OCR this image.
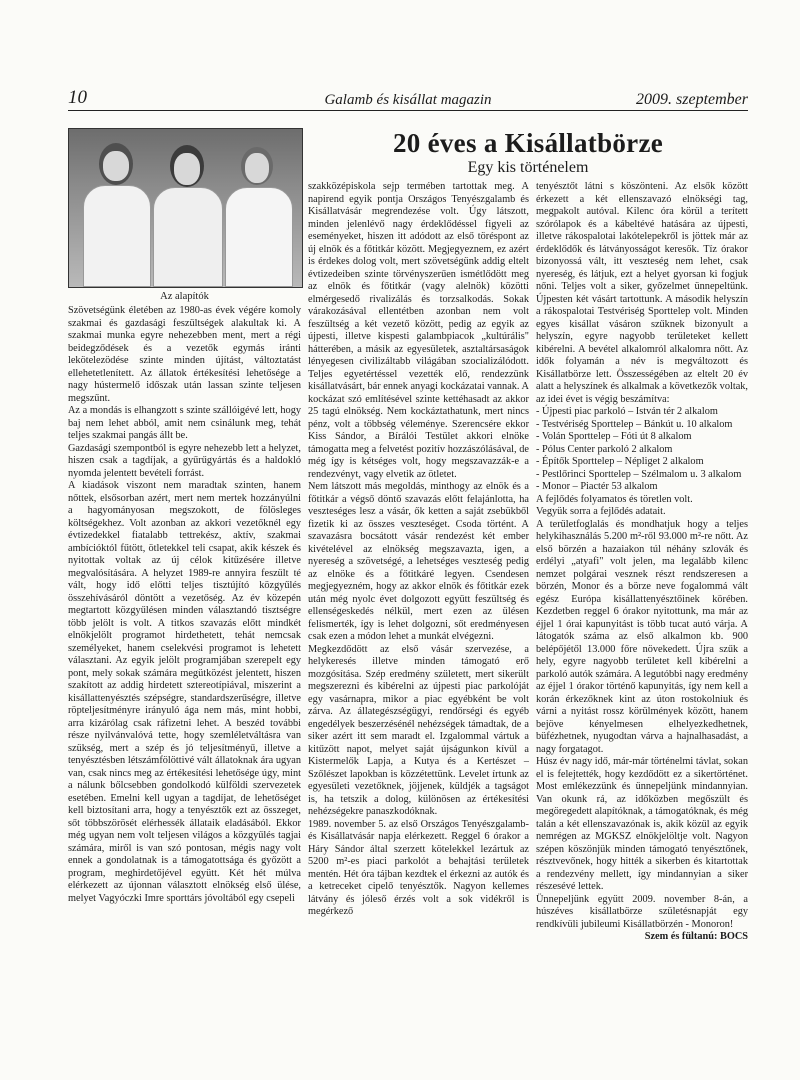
10	Galamb és kisállat magazin	2009. szeptember
Az alapítók
20 éves a Kisállatbörze
Egy kis történelem

Szövetségünk életében az 1980-as évek végére komoly szakmai és gazdasági feszültségek alakultak ki. A szakmai munka egyre nehezebben ment, mert a régi beidegződések és a vezetők egymás iránti lekötelezödése szinte minden újítást, változtatást ellehetetlenített. Az állatok értékesítési lehetősége a nagy hústermelő időszak után lassan szinte teljesen megszűnt.

Az a mondás is elhangzott s szinte szállóigévé lett, hogy baj nem lehet abból, amit nem csinálunk meg, tehát teljes szakmai pangás állt be.

Gazdasági szempontból is egyre nehezebb lett a helyzet, hiszen csak a tagdíjak, a gyűrűgyártás és a haldokló nyomda jelentett bevételi forrást.

A kiadások viszont nem maradtak szinten, hanem nőttek, elsősorban azért, mert nem mertek hozzányúlni a hagyományosan megszokott, de fölösleges költségekhez. Volt azonban az akkori vezetőknél egy évtizedekkel fiatalabb tettrekész, aktív, szakmai ambícióktól fűtött, ötletekkel teli csapat, akik készek és nyitottak voltak az új célok kitűzésére illetve megvalósítására. A helyzet 1989-re annyira feszült té vált, hogy idő előtti teljes tisztújító közgyűlés összehívásáról döntött a vezetőség. Az év közepén megtartott közgyűlésen minden választandó tisztségre több jelölt is volt. A titkos szavazás előtt mindkét elnökjelölt programot hirdethetett, tehát nemcsak személyeket, hanem cselekvési programot is lehetett választani. Az egyik jelölt programjában szerepelt egy pont, mely sokak számára megütközést jelentett, hiszen szakított az addig hirdetett sztereotípiával, miszerint a kisállattenyésztés szépségre, standardszerűségre, illetve röpteljesítményre irányuló ága nem más, mint hobbi, arra kizárólag csak ráfizetni lehet. A beszéd további része nyilvánvalóvá tette, hogy szemléletváltásra van szükség, mert a szép és jó teljesítményű, illetve a tenyésztésben létszámfölöttivé vált állatoknak ára ugyan van, csak nincs meg az értékesítési lehetősége úgy, mint a nálunk bőlcsebben gondolkodó külföldi szervezetek esetében. Emelni kell ugyan a tagdíjat, de lehetőséget kell biztosítani arra, hogy a tenyésztők ezt az összeget, sőt többszörösét elérhessék állataik eladásából. Ekkor még ugyan nem volt teljesen világos a közgyűlés tagjai számára, miről is van szó pontosan, mégis nagy volt ennek a gondolatnak is a támogatottsága és győzött a program, meghirdetőjével együtt. Két hét múlva elérkezett az újonnan választott elnökség első ülése, melyet Vagyóczki Imre sporttárs jóvoltából egy csepeli

szakközépiskola sejp termében tartottak meg. A napirend egyik pontja Országos Tenyészgalamb és Kisállatvásár megrendezése volt. Úgy látszott, minden jelenlévő nagy érdeklődéssel figyeli az eseményeket, hiszen itt adódott az első töréspont az új elnök és a főtitkár között. Megjegyeznem, ez azért is érdekes dolog volt, mert szövetségünk addig eltelt évtizedeiben szinte törvényszerűen ismétlődött meg az elnök és főtitkár (vagy alelnök) közötti elmérgesedő rivalizálás és torzsalkodás. Sokak várakozásával ellentétben azonban nem volt feszültség a két vezető között, pedig az egyik az újpesti, illetve kispesti galambpiacok „kultúrális" hátterében, a másik az egyesületek, asztaltársaságok lényegesen civilizáltabb világában szocializálódott. Teljes egyetértéssel vezették elő, rendezzünk kisállatvásárt, bár ennek anyagi kockázatai vannak. A kockázat szó említésével szinte kettéhasadt az akkor 25 tagú elnökség. Nem kockáztathatunk, mert nincs pénz, volt a többség véleménye. Szerencsére ekkor Kiss Sándor, a Bírálói Testület akkori elnöke támogatta meg a felvetést pozitív hozzászólásával, de még így is kétséges volt, hogy megszavazzák-e a rendezvényt, vagy elvetik az ötletet.

Nem látszott más megoldás, minthogy az elnök és a főtitkár a végső döntő szavazás előtt felajánlotta, ha veszteséges lesz a vásár, ők ketten a saját zsebükből fizetik ki az összes veszteséget. Csoda történt. A szavazásra bocsátott vásár rendezést két ember kivételével az elnökség megszavazta, igen, a nyereség a szövetségé, a lehetséges veszteség pedig az elnöke és a főtitkáré legyen. Csendesen megjegyezném, hogy az akkor elnök és főtitkár ezek után még nyolc évet dolgozott együtt feszültség és ellenségeskedés nélkül, mert ezen az ülésen felismerték, így is lehet dolgozni, sőt eredményesen csak ezen a módon lehet a munkát elvégezni.

Megkezdődött az első vásár szervezése, a helykeresés illetve minden támogató erő mozgósítása. Szép eredmény született, mert sikerült megszerezni és kibérelni az újpesti piac parkolóját egy vasárnapra, mikor a piac egyébként be volt zárva. Az állategészségügyi, rendőrségi és egyéb engedélyek beszerzésénél nehézségek támadtak, de a siker azért itt sem maradt el. Izgalommal vártuk a kitűzött napot, melyet saját újságunkon kívül a Kistermelők Lapja, a Kutya és a Kertészet – Szőlészet lapokban is közzétettünk. Levelet írtunk az egyesületi vezetőknek, jöjjenek, küldjék a tagságot is, ha tetszik a dolog, különösen az értékesítési nehézségekre panaszkodóknak.

1989. november 5. az első Országos Tenyészgalamb- és Kisállatvásár napja elérkezett. Reggel 6 órakor a Háry Sándor által szerzett kötelekkel lezártuk az 5200 m²-es piaci parkolót a behajtási területek mentén. Hét óra tájban kezdtek el érkezni az autók és a ketreceket cipelő tenyésztők. Nagyon kellemes látvány és jóleső érzés volt a sok vidékről is megérkező

tenyésztőt látni s köszönteni. Az elsők között érkezett a két ellenszavazó elnökségi tag, megpakolt autóval. Kilenc óra körül a terített szórólapok és a kábeltévé hatására az újpesti, illetve rákospalotai lakótelepekről is jöttek már az érdeklődők és látványosságot keresők. Tíz órakor bizonyossá vált, itt veszteség nem lehet, csak nyereség, és látjuk, ezt a helyet gyorsan ki fogjuk nőni. Teljes volt a siker, győzelmet ünnepeltünk. Újpesten két vásárt tartottunk. A második helyszín a rákospalotai Testvériség Sporttelep volt. Minden egyes kisállat vásáron szűknek bizonyult a helyszín, egyre nagyobb területeket kellett kibérelni. A bevétel alkalomról alkalomra nőtt. Az idők folyamán a név is megváltozott és Kisállatbörze lett. Összességében az eltelt 20 év alatt a helyszínek és alkalmak a következők voltak, az idei évet is végig beszámítva:

- Újpesti piac parkoló – István tér 2 alkalom

- Testvériség Sporttelep – Bánkút u. 10 alkalom

- Volán Sporttelep – Fóti út 8 alkalom

- Pólus Center parkoló 2 alkalom

- Építők Sporttelep – Népliget 2 alkalom

- Pestlőrinci Sporttelep – Szélmalom u. 3 alkalom

- Monor – Piactér 53 alkalom

A fejlődés folyamatos és töretlen volt.

Vegyük sorra a fejlődés adatait.

A területfoglalás és mondhatjuk hogy a teljes helykihasználás 5.200 m²-ről 93.000 m²-re nőtt. Az első börzén a hazaiakon túl néhány szlovák és erdélyi „atyafi" volt jelen, ma legalább kilenc nemzet polgárai vesznek részt rendszeresen a börzén, Monor és a börze neve fogalommá vált egész Európa kisállattenyésztőinek körében. Kezdetben reggel 6 órakor nyitottunk, ma már az éjjel 1 órai kapunyitást is több tucat autó várja. A látogatók száma az első alkalmon kb. 900 belépőjétől 13.000 főre növekedett. Újra szűk a hely, egyre nagyobb területet kell kibérelni a parkoló autók számára. A legutóbbi nagy eredmény az éjjel 1 órakor történő kapunyitás, így nem kell a korán érkezőknek kint az úton rostokolniuk és várni a nyitást rossz körülmények között, hanem bejöve kényelmesen elhelyezkedhetnek, büfézhetnek, nyugodtan várva a hajnalhasadást, a nagy forgatagot.

Húsz év nagy idő, már-már történelmi távlat, sokan el is felejtették, hogy kezdődött ez a sikertörténet. Most emlékezzünk és ünnepeljünk mindannyian. Van okunk rá, az időközben megőszült és megöregedett alapítóknak, a támogatóknak, és még talán a két ellenszavazónak is, akik közül az egyik nemrégen az MGKSZ elnökjelöltje volt. Nagyon szépen köszönjük minden támogató tenyésztőnek, résztvevőnek, hogy hitték a sikerben és kitartottak a rendezvény mellett, így mindannyian a siker részesévé lettek.

Ünnepeljünk együtt 2009. november 8-án, a húszéves kisállatbörze születésnapját egy rendkívüli jubileumi Kisállatbörzén - Monoron!

Szem és fültanú: BOCS
